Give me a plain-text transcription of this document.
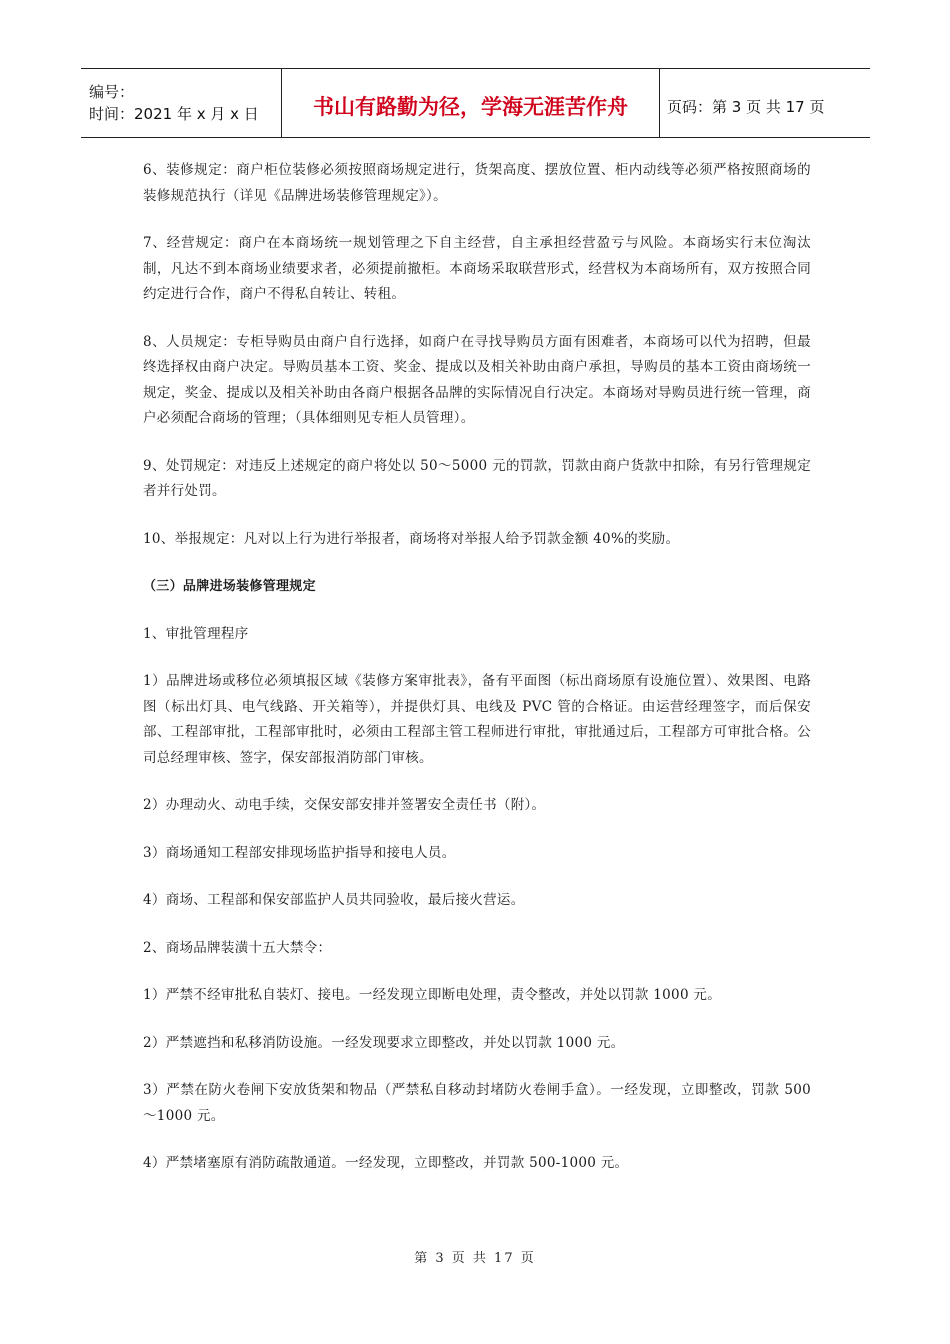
编号：
时间：2021 年 x 月 x 日	书山有路勤为径，学海无涯苦作舟	页码：第 3 页 共 17 页

6、装修规定：商户柜位装修必须按照商场规定进行，货架高度、摆放位置、柜内动线等必须严格按照商场的装修规范执行（详见《品牌进场装修管理规定》）。

7、经营规定：商户在本商场统一规划管理之下自主经营，自主承担经营盈亏与风险。本商场实行末位淘汰制，凡达不到本商场业绩要求者，必须提前撤柜。本商场采取联营形式，经营权为本商场所有，双方按照合同约定进行合作，商户不得私自转让、转租。

8、人员规定：专柜导购员由商户自行选择，如商户在寻找导购员方面有困难者，本商场可以代为招聘，但最终选择权由商户决定。导购员基本工资、奖金、提成以及相关补助由商户承担，导购员的基本工资由商场统一规定，奖金、提成以及相关补助由各商户根据各品牌的实际情况自行决定。本商场对导购员进行统一管理，商户必须配合商场的管理；（具体细则见专柜人员管理）。

9、处罚规定：对违反上述规定的商户将处以 50～5000 元的罚款，罚款由商户货款中扣除，有另行管理规定者并行处罚。

10、举报规定：凡对以上行为进行举报者，商场将对举报人给予罚款金额 40%的奖励。

（三）品牌进场装修管理规定

1、审批管理程序

1）品牌进场或移位必须填报区域《装修方案审批表》，备有平面图（标出商场原有设施位置）、效果图、电路图（标出灯具、电气线路、开关箱等），并提供灯具、电线及 PVC 管的合格证。由运营经理签字，而后保安部、工程部审批，工程部审批时，必须由工程部主管工程师进行审批，审批通过后，工程部方可审批合格。公司总经理审核、签字，保安部报消防部门审核。

2）办理动火、动电手续，交保安部安排并签署安全责任书（附）。

3）商场通知工程部安排现场监护指导和接电人员。

4）商场、工程部和保安部监护人员共同验收，最后接火营运。

2、商场品牌装潢十五大禁令：

1）严禁不经审批私自装灯、接电。一经发现立即断电处理，责令整改，并处以罚款 1000 元。

2）严禁遮挡和私移消防设施。一经发现要求立即整改，并处以罚款 1000 元。

3）严禁在防火卷闸下安放货架和物品（严禁私自移动封堵防火卷闸手盒）。一经发现，立即整改，罚款 500～1000 元。

4）严禁堵塞原有消防疏散通道。一经发现，立即整改，并罚款 500-1000 元。

第 3 页 共 17 页
